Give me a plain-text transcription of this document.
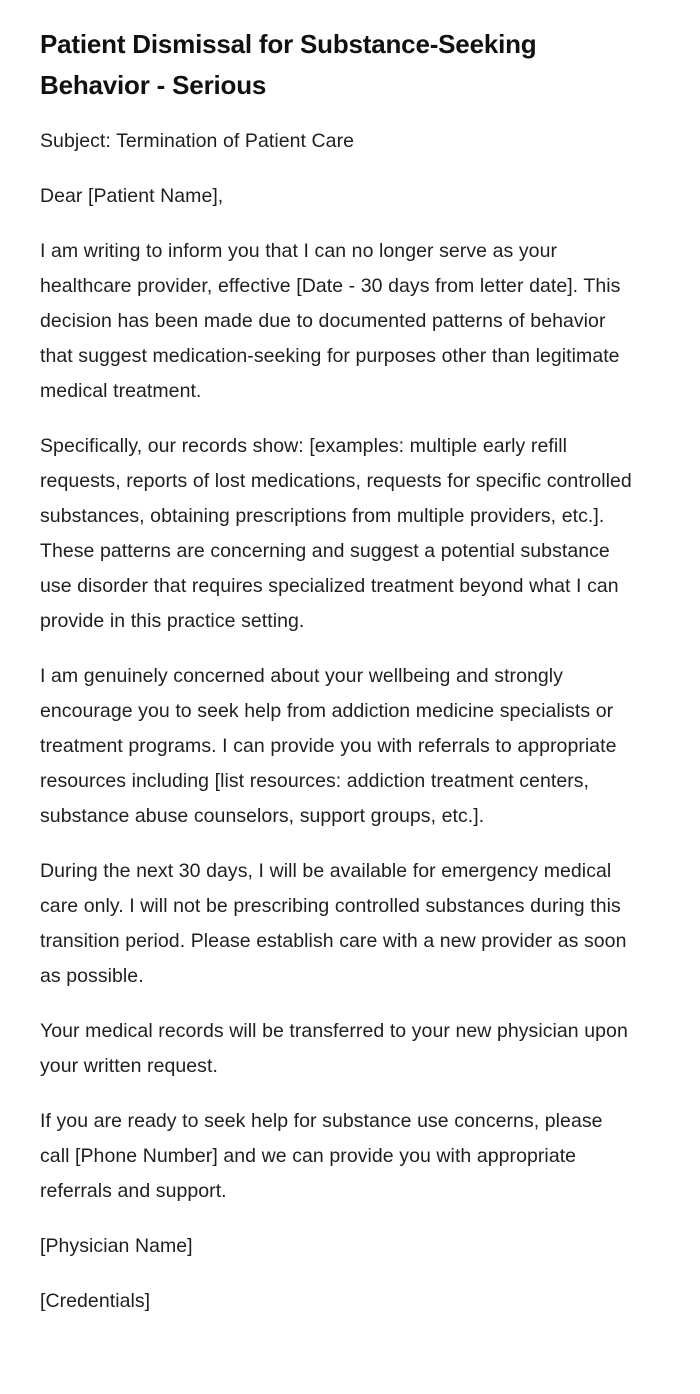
Patient Dismissal for Substance-Seeking Behavior - Serious

Subject: Termination of Patient Care

Dear [Patient Name],

I am writing to inform you that I can no longer serve as your healthcare provider, effective [Date - 30 days from letter date]. This decision has been made due to documented patterns of behavior that suggest medication-seeking for purposes other than legitimate medical treatment.

Specifically, our records show: [examples: multiple early refill requests, reports of lost medications, requests for specific controlled substances, obtaining prescriptions from multiple providers, etc.]. These patterns are concerning and suggest a potential substance use disorder that requires specialized treatment beyond what I can provide in this practice setting.

I am genuinely concerned about your wellbeing and strongly encourage you to seek help from addiction medicine specialists or treatment programs. I can provide you with referrals to appropriate resources including [list resources: addiction treatment centers, substance abuse counselors, support groups, etc.].

During the next 30 days, I will be available for emergency medical care only. I will not be prescribing controlled substances during this transition period. Please establish care with a new provider as soon as possible.

Your medical records will be transferred to your new physician upon your written request.

If you are ready to seek help for substance use concerns, please call [Phone Number] and we can provide you with appropriate referrals and support.

[Physician Name]

[Credentials]
